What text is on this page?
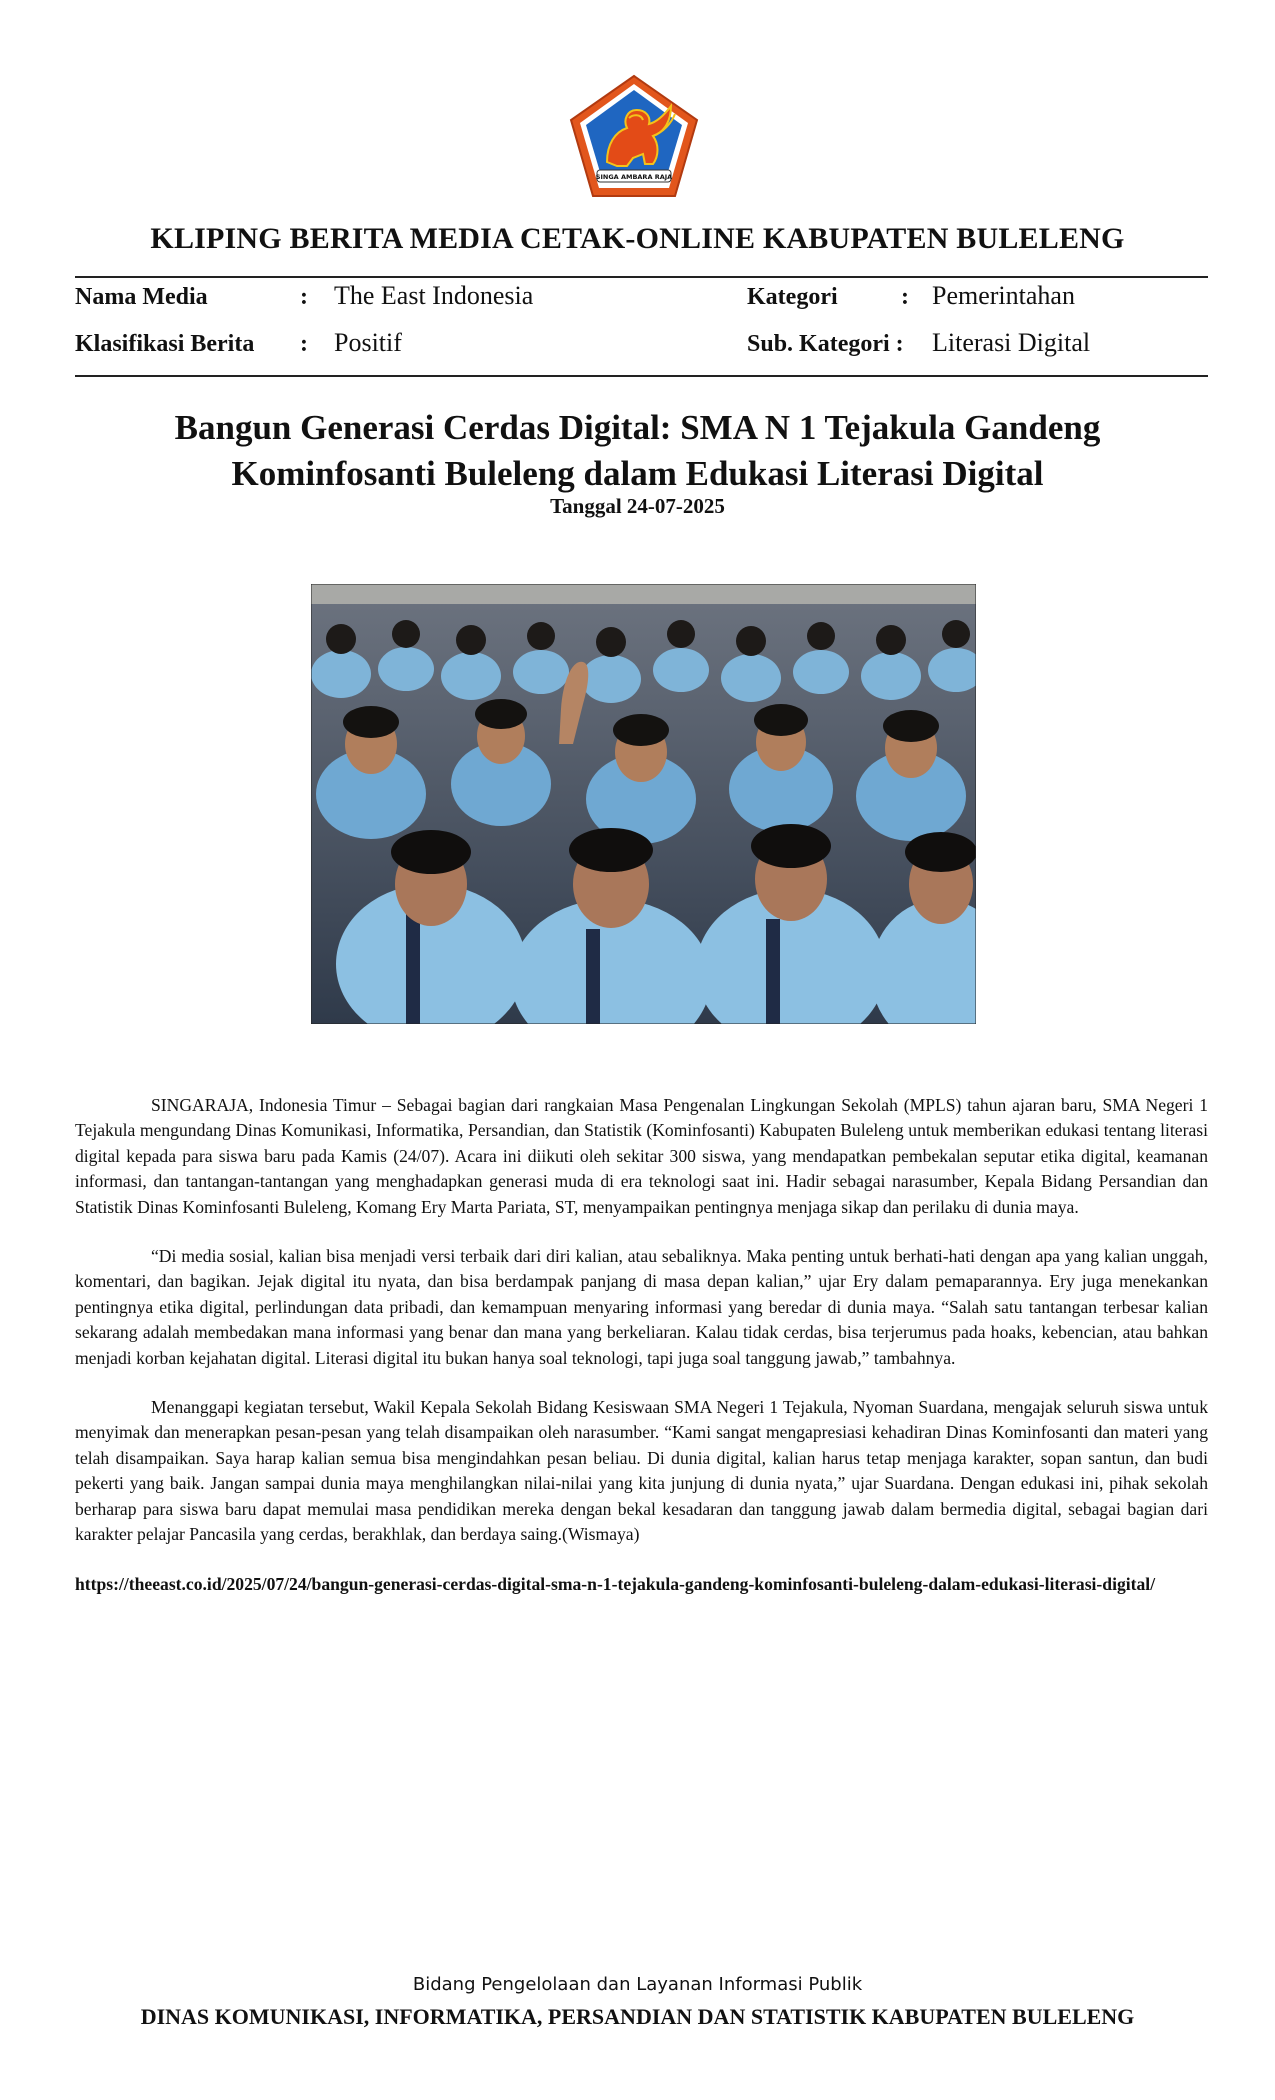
SINGA AMBARA RAJA
KLIPING BERITA MEDIA CETAK-ONLINE KABUPATEN BULELENG
Nama Media	: The East Indonesia	Kategori	: Pemerintahan
Klasifikasi Berita : Positif	Sub. Kategori : Literasi Digital
Bangun Generasi Cerdas Digital: SMA N 1 Tejakula Gandeng
Kominfosanti Buleleng dalam Edukasi Literasi Digital
Tanggal 24-07-2025

SINGARAJA, Indonesia Timur – Sebagai bagian dari rangkaian Masa Pengenalan Lingkungan Sekolah (MPLS) tahun ajaran baru, SMA Negeri 1 Tejakula mengundang Dinas Komunikasi, Informatika, Persandian, dan Statistik (Kominfosanti) Kabupaten Buleleng untuk memberikan edukasi tentang literasi digital kepada para siswa baru pada Kamis (24/07). Acara ini diikuti oleh sekitar 300 siswa, yang mendapatkan pembekalan seputar etika digital, keamanan informasi, dan tantangan-tantangan yang menghadapkan generasi muda di era teknologi saat ini. Hadir sebagai narasumber, Kepala Bidang Persandian dan Statistik Dinas Kominfosanti Buleleng, Komang Ery Marta Pariata, ST, menyampaikan pentingnya menjaga sikap dan perilaku di dunia maya.

“Di media sosial, kalian bisa menjadi versi terbaik dari diri kalian, atau sebaliknya. Maka penting untuk berhati-hati dengan apa yang kalian unggah, komentari, dan bagikan. Jejak digital itu nyata, dan bisa berdampak panjang di masa depan kalian,” ujar Ery dalam pemaparannya. Ery juga menekankan pentingnya etika digital, perlindungan data pribadi, dan kemampuan menyaring informasi yang beredar di dunia maya. “Salah satu tantangan terbesar kalian sekarang adalah membedakan mana informasi yang benar dan mana yang berkeliaran. Kalau tidak cerdas, bisa terjerumus pada hoaks, kebencian, atau bahkan menjadi korban kejahatan digital. Literasi digital itu bukan hanya soal teknologi, tapi juga soal tanggung jawab,” tambahnya.

Menanggapi kegiatan tersebut, Wakil Kepala Sekolah Bidang Kesiswaan SMA Negeri 1 Tejakula, Nyoman Suardana, mengajak seluruh siswa untuk menyimak dan menerapkan pesan-pesan yang telah disampaikan oleh narasumber. “Kami sangat mengapresiasi kehadiran Dinas Kominfosanti dan materi yang telah disampaikan. Saya harap kalian semua bisa mengindahkan pesan beliau. Di dunia digital, kalian harus tetap menjaga karakter, sopan santun, dan budi pekerti yang baik. Jangan sampai dunia maya menghilangkan nilai-nilai yang kita junjung di dunia nyata,” ujar Suardana. Dengan edukasi ini, pihak sekolah berharap para siswa baru dapat memulai masa pendidikan mereka dengan bekal kesadaran dan tanggung jawab dalam bermedia digital, sebagai bagian dari karakter pelajar Pancasila yang cerdas, berakhlak, dan berdaya saing.(Wismaya)

https://theeast.co.id/2025/07/24/bangun-generasi-cerdas-digital-sma-n-1-tejakula-gandeng-kominfosanti-buleleng-dalam-edukasi-literasi-digital/
Bidang Pengelolaan dan Layanan Informasi Publik
DINAS KOMUNIKASI, INFORMATIKA, PERSANDIAN DAN STATISTIK KABUPATEN BULELENG
